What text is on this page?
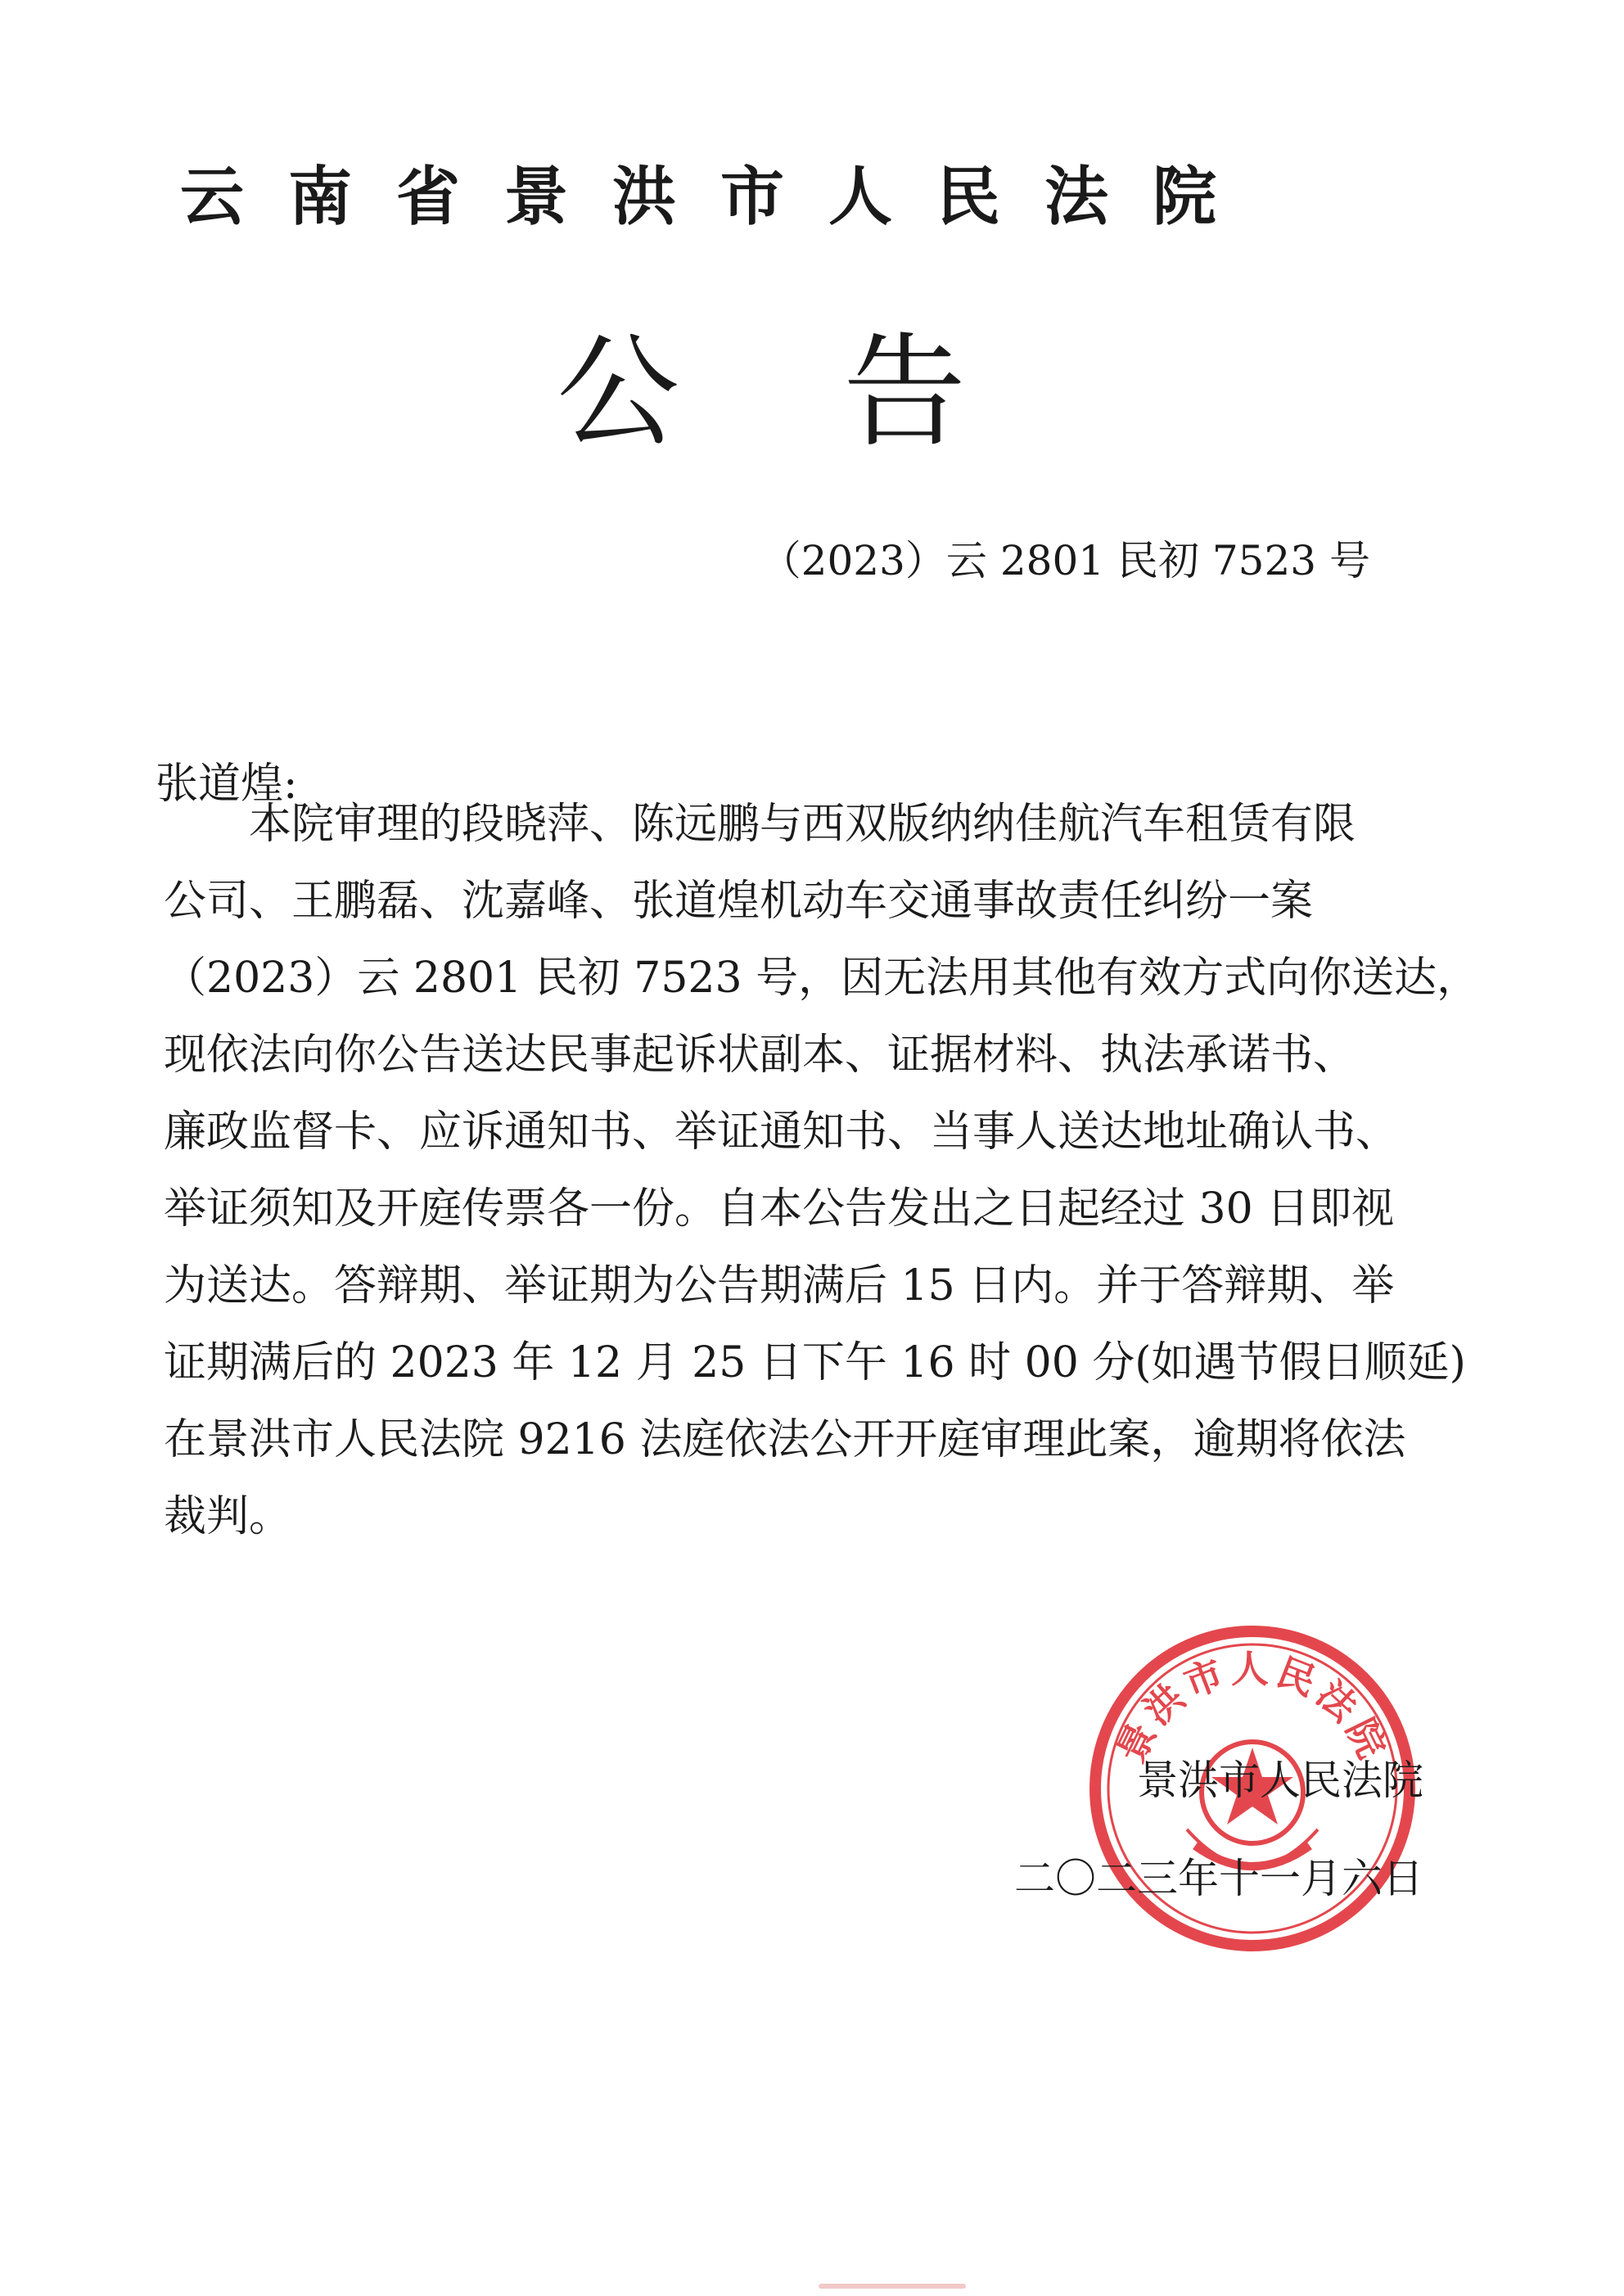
云南省景洪市人民法院
公告
（2023）云 2801 民初 7523 号
张道煌:
　　本院审理的段晓萍、陈远鹏与西双版纳纳佳航汽车租赁有限
公司、王鹏磊、沈嘉峰、张道煌机动车交通事故责任纠纷一案
（2023）云 2801 民初 7523 号，因无法用其他有效方式向你送达，
现依法向你公告送达民事起诉状副本、证据材料、执法承诺书、
廉政监督卡、应诉通知书、举证通知书、当事人送达地址确认书、
举证须知及开庭传票各一份。自本公告发出之日起经过 30 日即视
为送达。答辩期、举证期为公告期满后 15 日内。并于答辩期、举
证期满后的 2023 年 12 月 25 日下午 16 时 00 分(如遇节假日顺延)
在景洪市人民法院 9216 法庭依法公开开庭审理此案，逾期将依法
裁判。
景洪市人民法院
景洪市人民法院
二〇二三年十一月六日
